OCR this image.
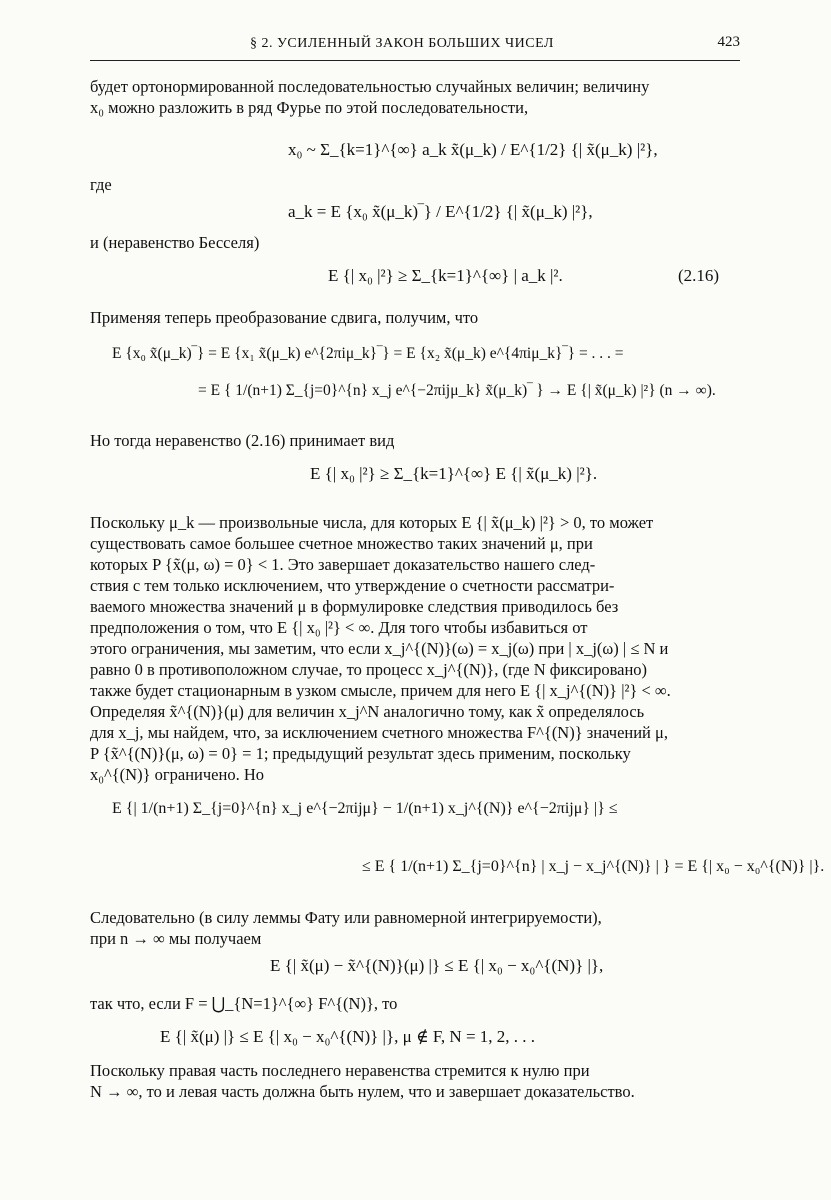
§ 2. УСИЛЕННЫЙ ЗАКОН БОЛЬШИХ ЧИСЕЛ	423
будет ортонормированной последовательностью случайных величин; величину
x₀ можно разложить в ряд Фурье по этой последовательности,
x₀ ~ Σ_{k=1}^{∞} a_k x̃(μ_k) / E^{1/2} {| x̃(μ_k) |²},
где
a_k = E {x₀ x̃(μ_k)‾} / E^{1/2} {| x̃(μ_k) |²},
и (неравенство Бесселя)
E {| x₀ |²} ≥ Σ_{k=1}^{∞} | a_k |².	(2.16)
Применяя теперь преобразование сдвига, получим, что
E {x₀ x̃(μ_k)‾} = E {x₁ x̃(μ_k) e^{2πiμ_k}‾} = E {x₂ x̃(μ_k) e^{4πiμ_k}‾} = . . . =
= E { 1/(n+1) Σ_{j=0}^{n} x_j e^{−2πijμ_k} x̃(μ_k)‾ } → E {| x̃(μ_k) |²} (n → ∞).
Но тогда неравенство (2.16) принимает вид
E {| x₀ |²} ≥ Σ_{k=1}^{∞} E {| x̃(μ_k) |²}.
Поскольку μ_k — произвольные числа, для которых E {| x̃(μ_k) |²} > 0, то может
существовать самое большее счетное множество таких значений μ, при
которых P {x̃(μ, ω) = 0} < 1. Это завершает доказательство нашего след-
ствия с тем только исключением, что утверждение о счетности рассматри-
ваемого множества значений μ в формулировке следствия приводилось без
предположения о том, что E {| x₀ |²} < ∞. Для того чтобы избавиться от
этого ограничения, мы заметим, что если x_j^{(N)}(ω) = x_j(ω) при | x_j(ω) | ≤ N и
равно 0 в противоположном случае, то процесс x_j^{(N)}, (где N фиксировано)
также будет стационарным в узком смысле, причем для него E {| x_j^{(N)} |²} < ∞.
Определяя x̃^{(N)}(μ) для величин x_j^N аналогично тому, как x̃ определялось
для x_j, мы найдем, что, за исключением счетного множества F^{(N)} значений μ,
P {x̃^{(N)}(μ, ω) = 0} = 1; предыдущий результат здесь применим, поскольку
x₀^{(N)} ограничено. Но
E {| 1/(n+1) Σ_{j=0}^{n} x_j e^{−2πijμ} − 1/(n+1) x_j^{(N)} e^{−2πijμ} |} ≤
≤ E { 1/(n+1) Σ_{j=0}^{n} | x_j − x_j^{(N)} | } = E {| x₀ − x₀^{(N)} |}.
Следовательно (в силу леммы Фату или равномерной интегрируемости),
при n → ∞ мы получаем
E {| x̃(μ) − x̃^{(N)}(μ) |} ≤ E {| x₀ − x₀^{(N)} |},
так что, если F = ⋃_{N=1}^{∞} F^{(N)}, то
E {| x̃(μ) |} ≤ E {| x₀ − x₀^{(N)} |}, μ ∉ F, N = 1, 2, . . .
Поскольку правая часть последнего неравенства стремится к нулю при
N → ∞, то и левая часть должна быть нулем, что и завершает доказательство.
